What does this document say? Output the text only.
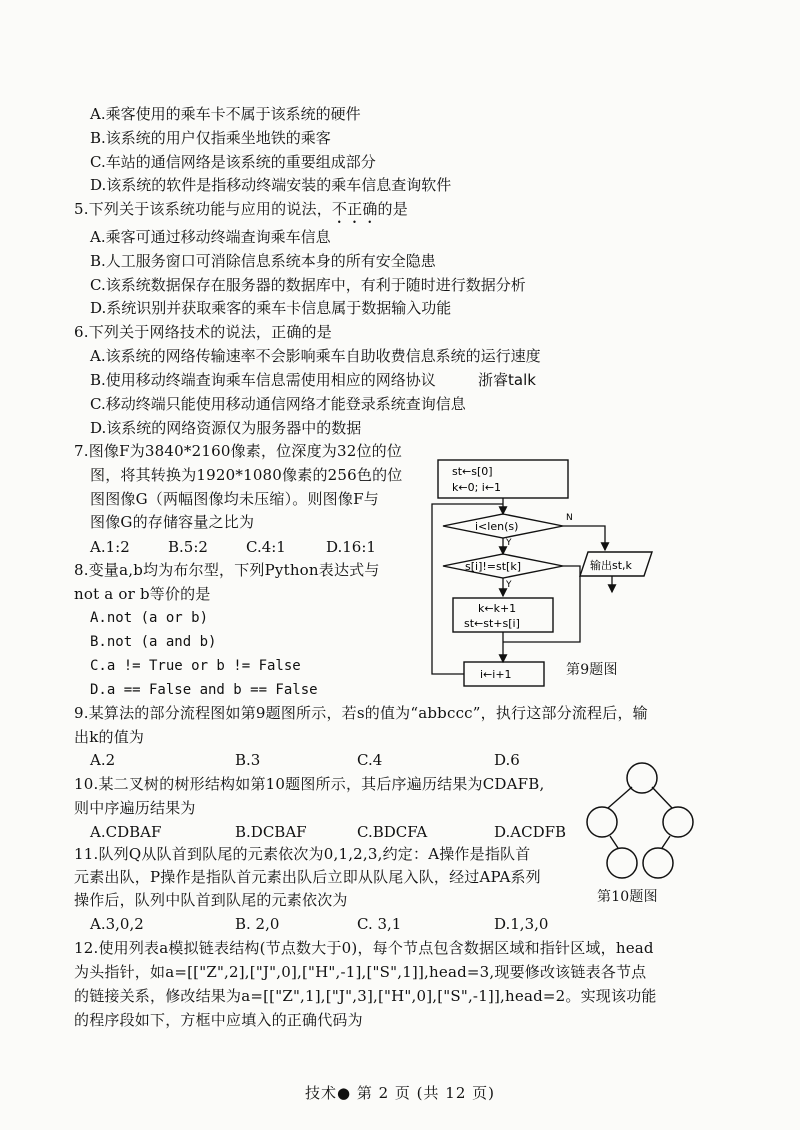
A.乘客使用的乘车卡不属于该系统的硬件
B.该系统的用户仅指乘坐地铁的乘客
C.车站的通信网络是该系统的重要组成部分
D.该系统的软件是指移动终端安装的乘车信息查询软件
5.下列关于该系统功能与应用的说法，不正确的是
A.乘客可通过移动终端查询乘车信息
B.人工服务窗口可消除信息系统本身的所有安全隐患
C.该系统数据保存在服务器的数据库中，有利于随时进行数据分析
D.系统识别并获取乘客的乘车卡信息属于数据输入功能
6.下列关于网络技术的说法，正确的是
A.该系统的网络传输速率不会影响乘车自助收费信息系统的运行速度
B.使用移动终端查询乘车信息需使用相应的网络协议	浙睿talk
C.移动终端只能使用移动通信网络才能登录系统查询信息
D.该系统的网络资源仅为服务器中的数据
7.图像F为3840*2160像素，位深度为32位的位
图，将其转换为1920*1080像素的256色的位
图图像G（两幅图像均未压缩）。则图像F与
图像G的存储容量之比为
A.1:2	B.5:2	C.4:1	D.16:1
8.变量a,b均为布尔型，下列Python表达式与
not a or b等价的是
A.not (a or b)
B.not (a and b)
C.a != True or b != False
D.a == False and b == False
st←s[0]
k←0; i←1
i<len(s)
N
输出st,k
Y
s[i]!=st[k]
Y
k←k+1
st←st+s[i]
i←i+1	第9题图
9.某算法的部分流程图如第9题图所示，若s的值为“abbccc”，执行这部分流程后，输
出k的值为
A.2	B.3	C.4	D.6
10.某二叉树的树形结构如第10题图所示，其后序遍历结果为CDAFB,
则中序遍历结果为
A.CDBAF	B.DCBAF	C.BDCFA	D.ACDFB
第10题图
11.队列Q从队首到队尾的元素依次为0,1,2,3,约定：A操作是指队首
元素出队，P操作是指队首元素出队后立即从队尾入队，经过APA系列
操作后，队列中队首到队尾的元素依次为
A.3,0,2	B. 2,0	C. 3,1	D.1,3,0
12.使用列表a模拟链表结构(节点数大于0)，每个节点包含数据区域和指针区域，head
为头指针，如a=[["Z",2],["J",0],["H",-1],["S",1]],head=3,现要修改该链表各节点
的链接关系，修改结果为a=[["Z",1],["J",3],["H",0],["S",-1]],head=2。实现该功能
的程序段如下，方框中应填入的正确代码为
技术● 第 2 页 (共 12 页)
